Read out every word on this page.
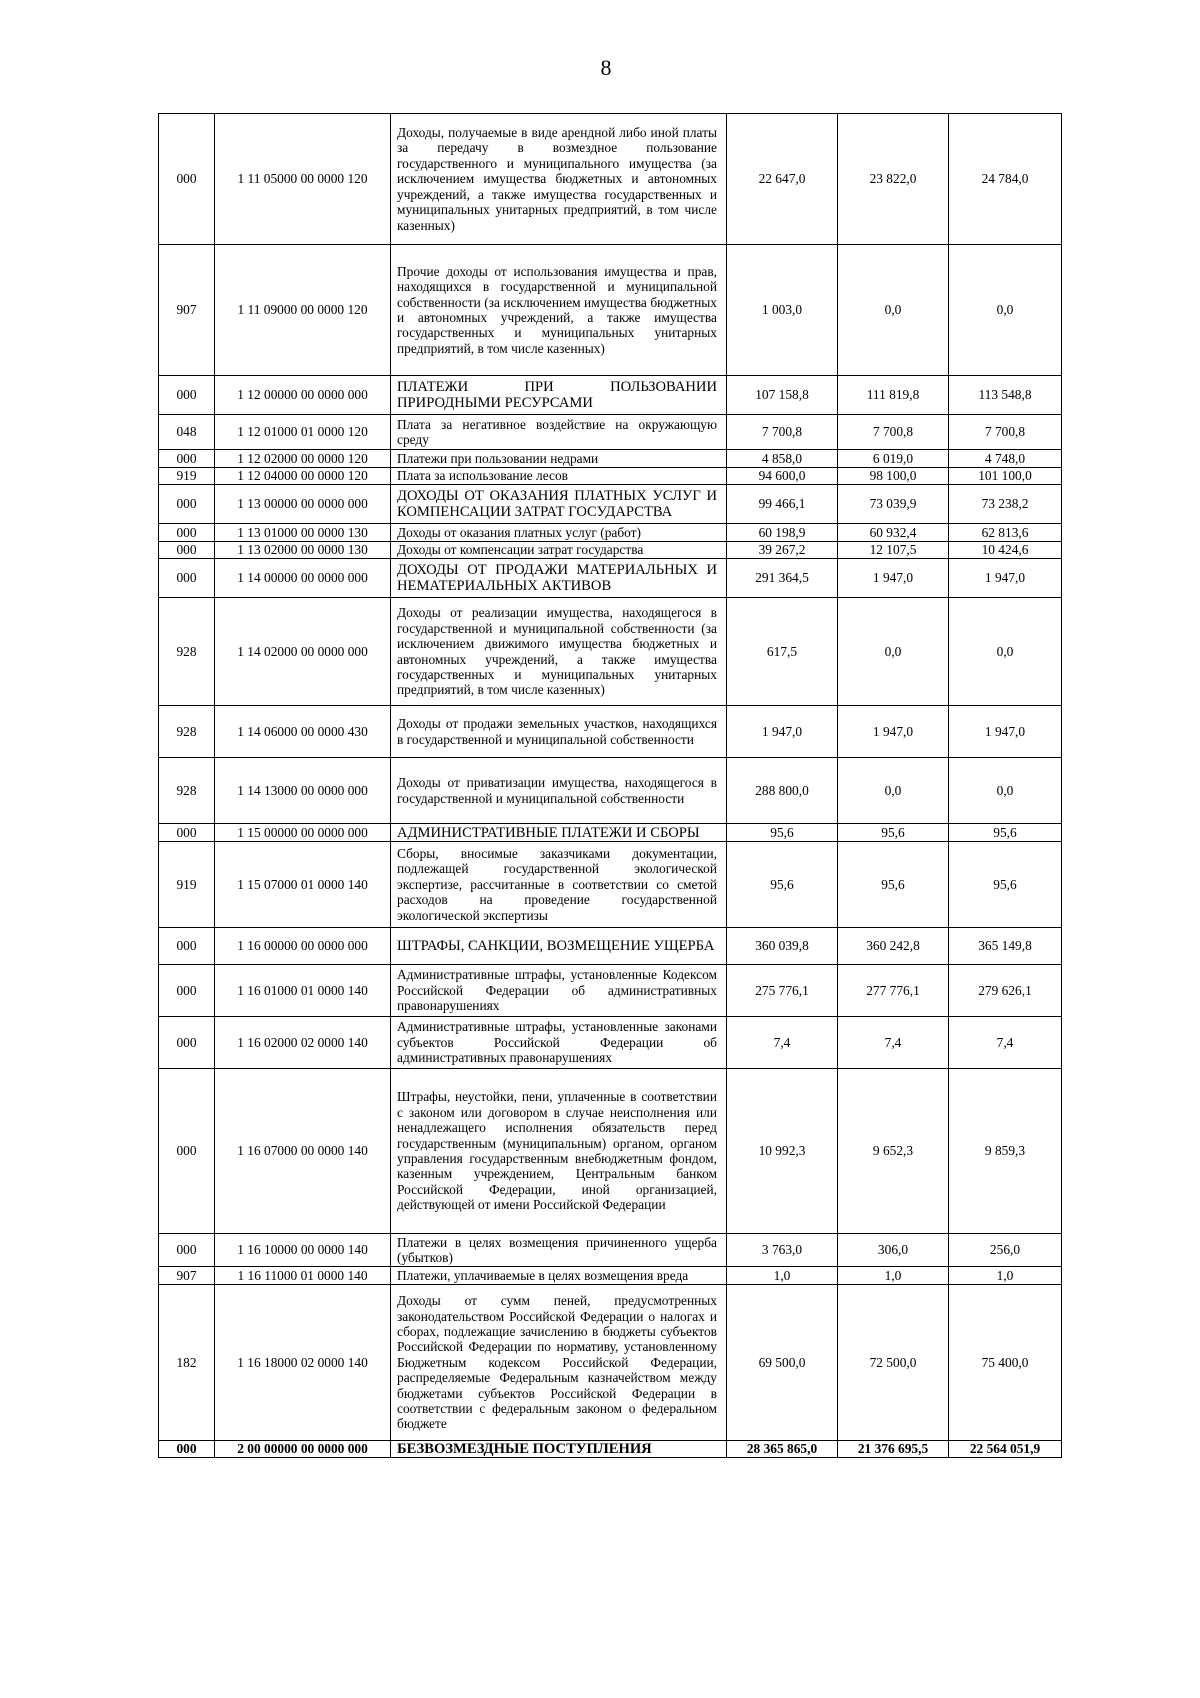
8
000	1 11 05000 00 0000 120	Доходы, получаемые в виде арендной либо иной платы за передачу в возмездное пользование государственного и муниципального имущества (за исключением имущества бюджетных и автономных учреждений, а также имущества государственных и муниципальных унитарных предприятий, в том числе казенных)	22 647,0	23 822,0	24 784,0
907	1 11 09000 00 0000 120	Прочие доходы от использования имущества и прав, находящихся в государственной и муниципальной собственности (за исключением имущества бюджетных и автономных учреждений, а также имущества государственных и муниципальных унитарных предприятий, в том числе казенных)	1 003,0	0,0	0,0
000	1 12 00000 00 0000 000	ПЛАТЕЖИ ПРИ ПОЛЬЗОВАНИИ ПРИРОДНЫМИ РЕСУРСАМИ	107 158,8	111 819,8	113 548,8
048	1 12 01000 01 0000 120	Плата за негативное воздействие на окружающую среду	7 700,8	7 700,8	7 700,8
000	1 12 02000 00 0000 120	Платежи при пользовании недрами	4 858,0	6 019,0	4 748,0
919	1 12 04000 00 0000 120	Плата за использование лесов	94 600,0	98 100,0	101 100,0
000	1 13 00000 00 0000 000	ДОХОДЫ ОТ ОКАЗАНИЯ ПЛАТНЫХ УСЛУГ И КОМПЕНСАЦИИ ЗАТРАТ ГОСУДАРСТВА	99 466,1	73 039,9	73 238,2
000	1 13 01000 00 0000 130	Доходы от оказания платных услуг (работ)	60 198,9	60 932,4	62 813,6
000	1 13 02000 00 0000 130	Доходы от компенсации затрат государства	39 267,2	12 107,5	10 424,6
000	1 14 00000 00 0000 000	ДОХОДЫ ОТ ПРОДАЖИ МАТЕРИАЛЬНЫХ И НЕМАТЕРИАЛЬНЫХ АКТИВОВ	291 364,5	1 947,0	1 947,0
928	1 14 02000 00 0000 000	Доходы от реализации имущества, находящегося в государственной и муниципальной собственности (за исключением движимого имущества бюджетных и автономных учреждений, а также имущества государственных и муниципальных унитарных предприятий, в том числе казенных)	617,5	0,0	0,0
928	1 14 06000 00 0000 430	Доходы от продажи земельных участков, находящихся в государственной и муниципальной собственности	1 947,0	1 947,0	1 947,0
928	1 14 13000 00 0000 000	Доходы от приватизации имущества, находящегося в государственной и муниципальной собственности	288 800,0	0,0	0,0
000	1 15 00000 00 0000 000	АДМИНИСТРАТИВНЫЕ ПЛАТЕЖИ И СБОРЫ	95,6	95,6	95,6
919	1 15 07000 01 0000 140	Сборы, вносимые заказчиками документации, подлежащей государственной экологической экспертизе, рассчитанные в соответствии со сметой расходов на проведение государственной экологической экспертизы	95,6	95,6	95,6
000	1 16 00000 00 0000 000	ШТРАФЫ, САНКЦИИ, ВОЗМЕЩЕНИЕ УЩЕРБА	360 039,8	360 242,8	365 149,8
000	1 16 01000 01 0000 140	Административные штрафы, установленные Кодексом Российской Федерации об административных правонарушениях	275 776,1	277 776,1	279 626,1
000	1 16 02000 02 0000 140	Административные штрафы, установленные законами субъектов Российской Федерации об административных правонарушениях	7,4	7,4	7,4
000	1 16 07000 00 0000 140	Штрафы, неустойки, пени, уплаченные в соответствии с законом или договором в случае неисполнения или ненадлежащего исполнения обязательств перед государственным (муниципальным) органом, органом управления государственным внебюджетным фондом, казенным учреждением, Центральным банком Российской Федерации, иной организацией, действующей от имени Российской Федерации	10 992,3	9 652,3	9 859,3
000	1 16 10000 00 0000 140	Платежи в целях возмещения причиненного ущерба (убытков)	3 763,0	306,0	256,0
907	1 16 11000 01 0000 140	Платежи, уплачиваемые в целях возмещения вреда	1,0	1,0	1,0
182	1 16 18000 02 0000 140	Доходы от сумм пеней, предусмотренных законодательством Российской Федерации о налогах и сборах, подлежащие зачислению в бюджеты субъектов Российской Федерации по нормативу, установленному Бюджетным кодексом Российской Федерации, распределяемые Федеральным казначейством между бюджетами субъектов Российской Федерации в соответствии с федеральным законом о федеральном бюджете	69 500,0	72 500,0	75 400,0
000	2 00 00000 00 0000 000	БЕЗВОЗМЕЗДНЫЕ ПОСТУПЛЕНИЯ	28 365 865,0	21 376 695,5	22 564 051,9
